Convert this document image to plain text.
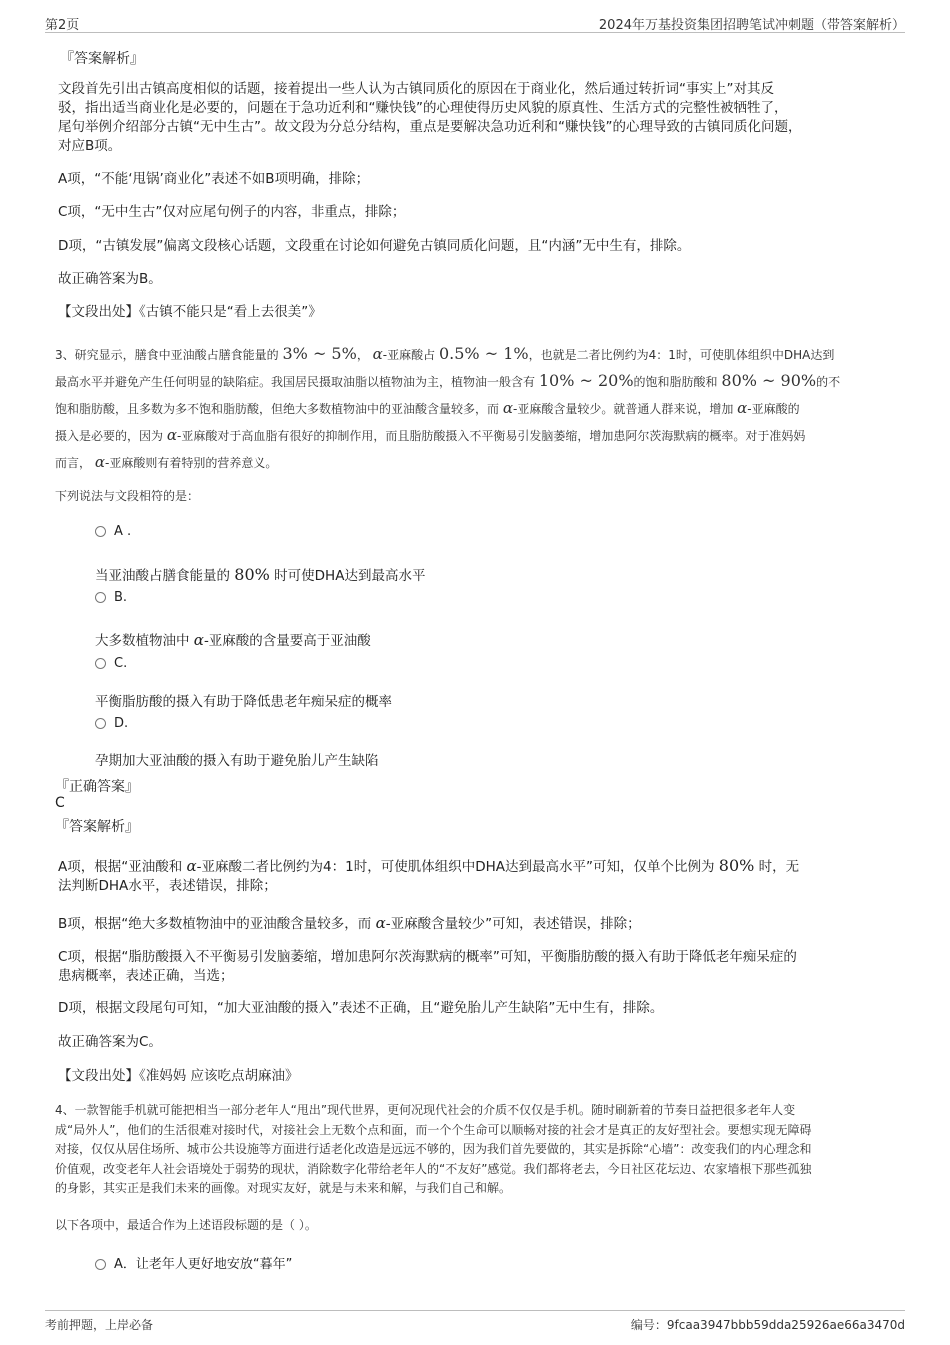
第2页	2024年万基投资集团招聘笔试冲刺题（带答案解析）
『答案解析』
文段首先引出古镇高度相似的话题，接着提出一些人认为古镇同质化的原因在于商业化，然后通过转折词“事实上”对其反
驳，指出适当商业化是必要的，问题在于急功近利和“赚快钱”的心理使得历史风貌的原真性、生活方式的完整性被牺牲了，
尾句举例介绍部分古镇“无中生古”。故文段为分总分结构，重点是要解决急功近利和“赚快钱”的心理导致的古镇同质化问题，
对应B项。
A项，“不能‘甩锅’商业化”表述不如B项明确，排除；
C项，“无中生古”仅对应尾句例子的内容，非重点，排除；
D项，“古镇发展”偏离文段核心话题，文段重在讨论如何避免古镇同质化问题，且“内涵”无中生有，排除。
故正确答案为B。
【文段出处】《古镇不能只是“看上去很美”》
3、研究显示，膳食中亚油酸占膳食能量的 3% ~ 5%， α-亚麻酸占 0.5% ~ 1%，也就是二者比例约为4：1时，可使肌体组织中DHA达到
最高水平并避免产生任何明显的缺陷症。我国居民摄取油脂以植物油为主，植物油一般含有 10% ~ 20%的饱和脂肪酸和 80% ~ 90%的不
饱和脂肪酸，且多数为多不饱和脂肪酸，但绝大多数植物油中的亚油酸含量较多，而 α-亚麻酸含量较少。就普通人群来说，增加 α-亚麻酸的
摄入是必要的，因为 α-亚麻酸对于高血脂有很好的抑制作用，而且脂肪酸摄入不平衡易引发脑萎缩，增加患阿尔茨海默病的概率。对于准妈妈
而言， α-亚麻酸则有着特别的营养意义。
下列说法与文段相符的是：
A .
当亚油酸占膳食能量的 80% 时可使DHA达到最高水平
B.
大多数植物油中 α-亚麻酸的含量要高于亚油酸
C.
平衡脂肪酸的摄入有助于降低患老年痴呆症的概率
D.
孕期加大亚油酸的摄入有助于避免胎儿产生缺陷
『正确答案』
C
『答案解析』
A项，根据“亚油酸和 α-亚麻酸二者比例约为4：1时，可使肌体组织中DHA达到最高水平”可知，仅单个比例为 80% 时，无
法判断DHA水平，表述错误，排除；
B项，根据“绝大多数植物油中的亚油酸含量较多，而 α-亚麻酸含量较少”可知，表述错误，排除；
C项，根据“脂肪酸摄入不平衡易引发脑萎缩，增加患阿尔茨海默病的概率”可知，平衡脂肪酸的摄入有助于降低老年痴呆症的
患病概率，表述正确，当选；
D项，根据文段尾句可知，“加大亚油酸的摄入”表述不正确，且“避免胎儿产生缺陷”无中生有，排除。
故正确答案为C。
【文段出处】《准妈妈 应该吃点胡麻油》
4、一款智能手机就可能把相当一部分老年人“甩出”现代世界，更何况现代社会的介质不仅仅是手机。随时刷新着的节奏日益把很多老年人变
成“局外人”，他们的生活很难对接时代，对接社会上无数个点和面，而一个个生命可以顺畅对接的社会才是真正的友好型社会。要想实现无障碍
对接，仅仅从居住场所、城市公共设施等方面进行适老化改造是远远不够的，因为我们首先要做的，其实是拆除“心墙”：改变我们的内心理念和
价值观，改变老年人社会语境处于弱势的现状，消除数字化带给老年人的“不友好”感觉。我们都将老去，今日社区花坛边、农家墙根下那些孤独
的身影，其实正是我们未来的画像。对现实友好，就是与未来和解，与我们自己和解。
以下各项中，最适合作为上述语段标题的是（ ）。
A．让老年人更好地安放“暮年”
考前押题，上岸必备	编号：9fcaa3947bbb59dda25926ae66a3470d
